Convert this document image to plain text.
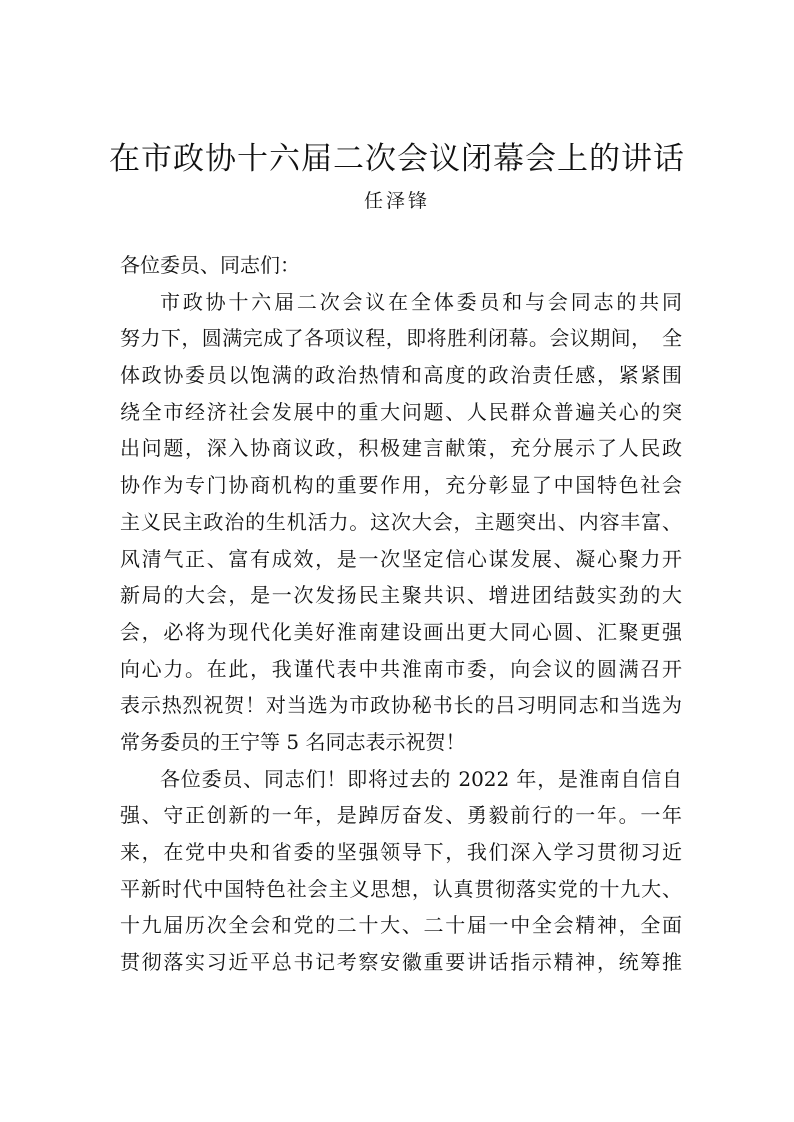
在市政协十六届二次会议闭幕会上的讲话
任泽锋
各位委员、同志们：
市政协十六届二次会议在全体委员和与会同志的共同
努力下，圆满完成了各项议程，即将胜利闭幕。会议期间，　全
体政协委员以饱满的政治热情和高度的政治责任感，紧紧围
绕全市经济社会发展中的重大问题、人民群众普遍关心的突
出问题，深入协商议政，积极建言献策，充分展示了人民政
协作为专门协商机构的重要作用，充分彰显了中国特色社会
主义民主政治的生机活力。这次大会，主题突出、内容丰富、
风清气正、富有成效，是一次坚定信心谋发展、凝心聚力开
新局的大会，是一次发扬民主聚共识、增进团结鼓实劲的大
会，必将为现代化美好淮南建设画出更大同心圆、汇聚更强
向心力。在此，我谨代表中共淮南市委，向会议的圆满召开
表示热烈祝贺！对当选为市政协秘书长的吕习明同志和当选为
常务委员的王宁等 5 名同志表示祝贺！
各位委员、同志们！即将过去的 2022 年，是淮南自信自
强、守正创新的一年，是踔厉奋发、勇毅前行的一年。一年
来，在党中央和省委的坚强领导下，我们深入学习贯彻习近
平新时代中国特色社会主义思想，认真贯彻落实党的十九大、
十九届历次全会和党的二十大、二十届一中全会精神，全面
贯彻落实习近平总书记考察安徽重要讲话指示精神，统筹推
